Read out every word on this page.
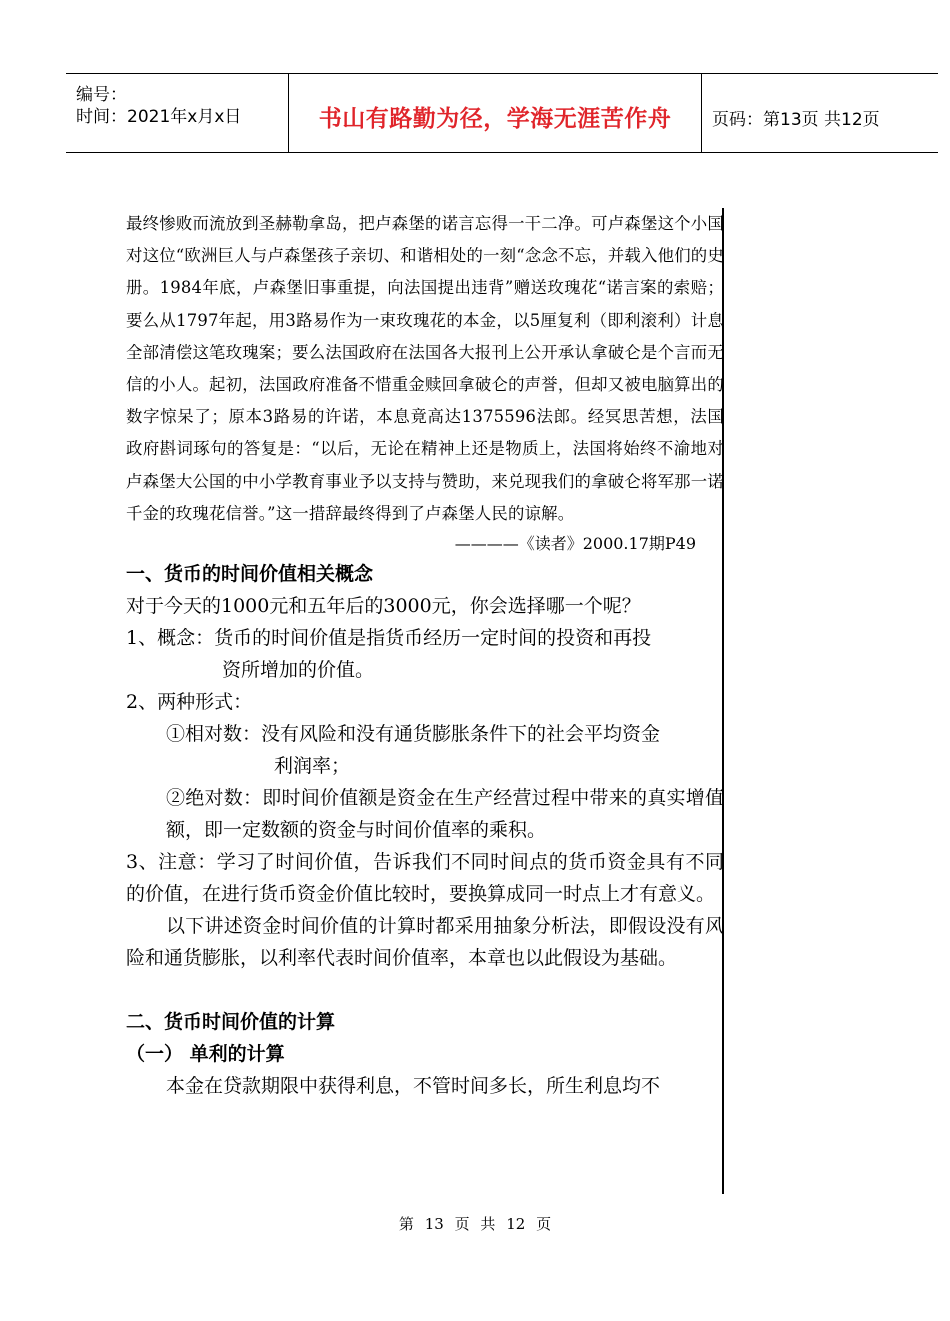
编号：
时间：2021年x月x日	书山有路勤为径，学海无涯苦作舟	页码：第13页 共12页

最终惨败而流放到圣赫勒拿岛，把卢森堡的诺言忘得一干二净。可卢森堡这个小国对这位“欧洲巨人与卢森堡孩子亲切、和谐相处的一刻“念念不忘，并载入他们的史册。1984年底，卢森堡旧事重提，向法国提出违背”赠送玫瑰花“诺言案的索赔；要么从1797年起，用3路易作为一束玫瑰花的本金，以5厘复利（即利滚利）计息全部清偿这笔玫瑰案；要么法国政府在法国各大报刊上公开承认拿破仑是个言而无信的小人。起初，法国政府准备不惜重金赎回拿破仑的声誉，但却又被电脑算出的数字惊呆了；原本3路易的许诺，本息竟高达1375596法郎。经冥思苦想，法国政府斟词琢句的答复是：“以后，无论在精神上还是物质上，法国将始终不渝地对卢森堡大公国的中小学教育事业予以支持与赞助，来兑现我们的拿破仑将军那一诺千金的玫瑰花信誉。”这一措辞最终得到了卢森堡人民的谅解。

————《读者》2000.17期P49
一、货币的时间价值相关概念

对于今天的1000元和五年后的3000元，你会选择哪一个呢？

1、概念：货币的时间价值是指货币经历一定时间的投资和再投

资所增加的价值。

2、两种形式：

①相对数：没有风险和没有通货膨胀条件下的社会平均资金

利润率；

②绝对数：即时间价值额是资金在生产经营过程中带来的真实增值额，即一定数额的资金与时间价值率的乘积。

3、注意：学习了时间价值，告诉我们不同时间点的货币资金具有不同的价值，在进行货币资金价值比较时，要换算成同一时点上才有意义。

以下讲述资金时间价值的计算时都采用抽象分析法，即假设没有风险和通货膨胀，以利率代表时间价值率，本章也以此假设为基础。

二、货币时间价值的计算
（一） 单利的计算

本金在贷款期限中获得利息，不管时间多长，所生利息均不

第 13 页 共 12 页
